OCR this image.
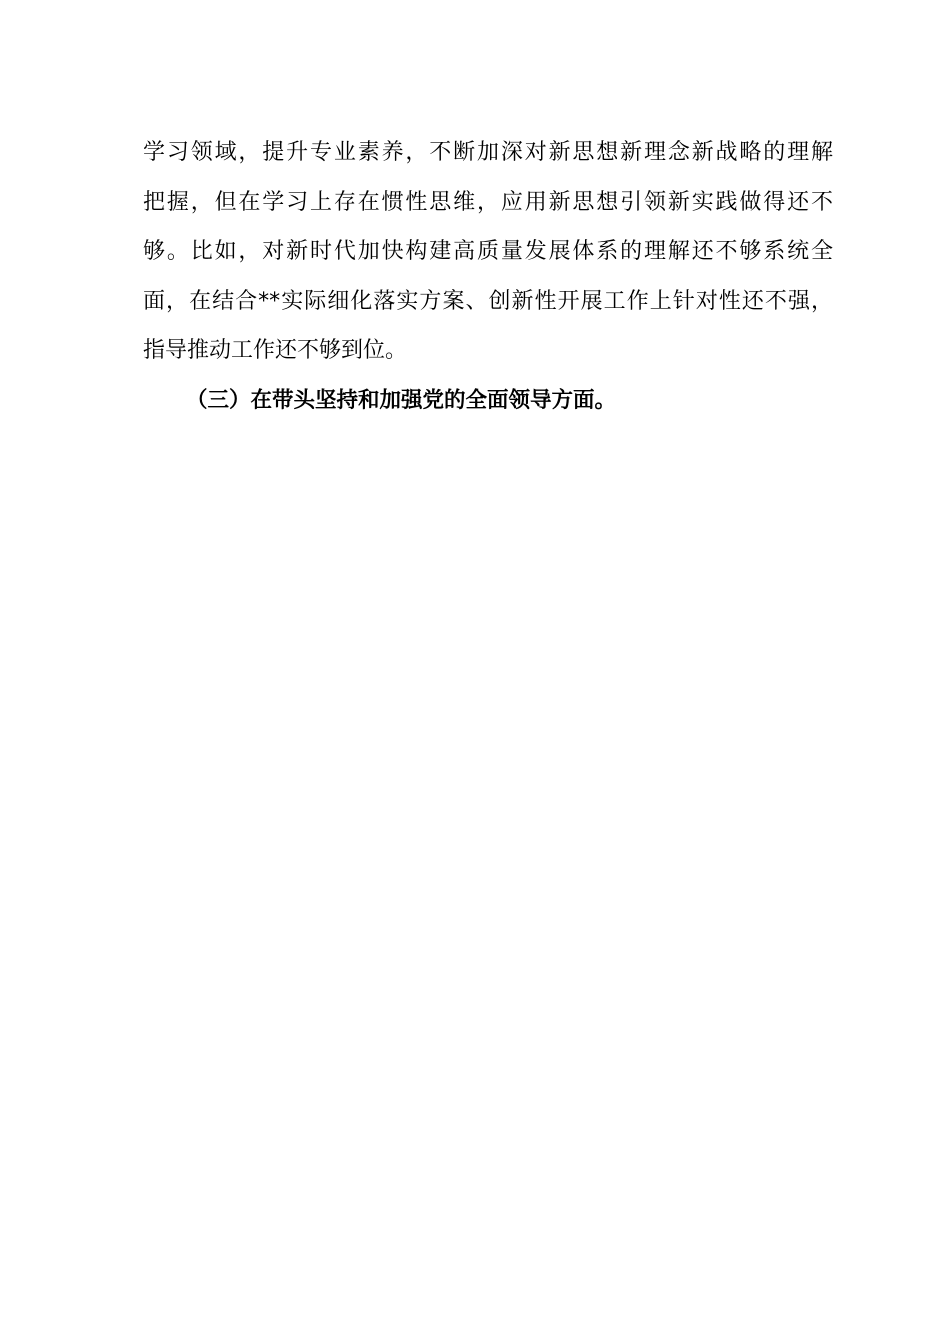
学习领域，提升专业素养，不断加深对新思想新理念新战略的理解
把握，但在学习上存在惯性思维，应用新思想引领新实践做得还不
够。比如，对新时代加快构建高质量发展体系的理解还不够系统全
面，在结合**实际细化落实方案、创新性开展工作上针对性还不强，
指导推动工作还不够到位。
（三）在带头坚持和加强党的全面领导方面。
